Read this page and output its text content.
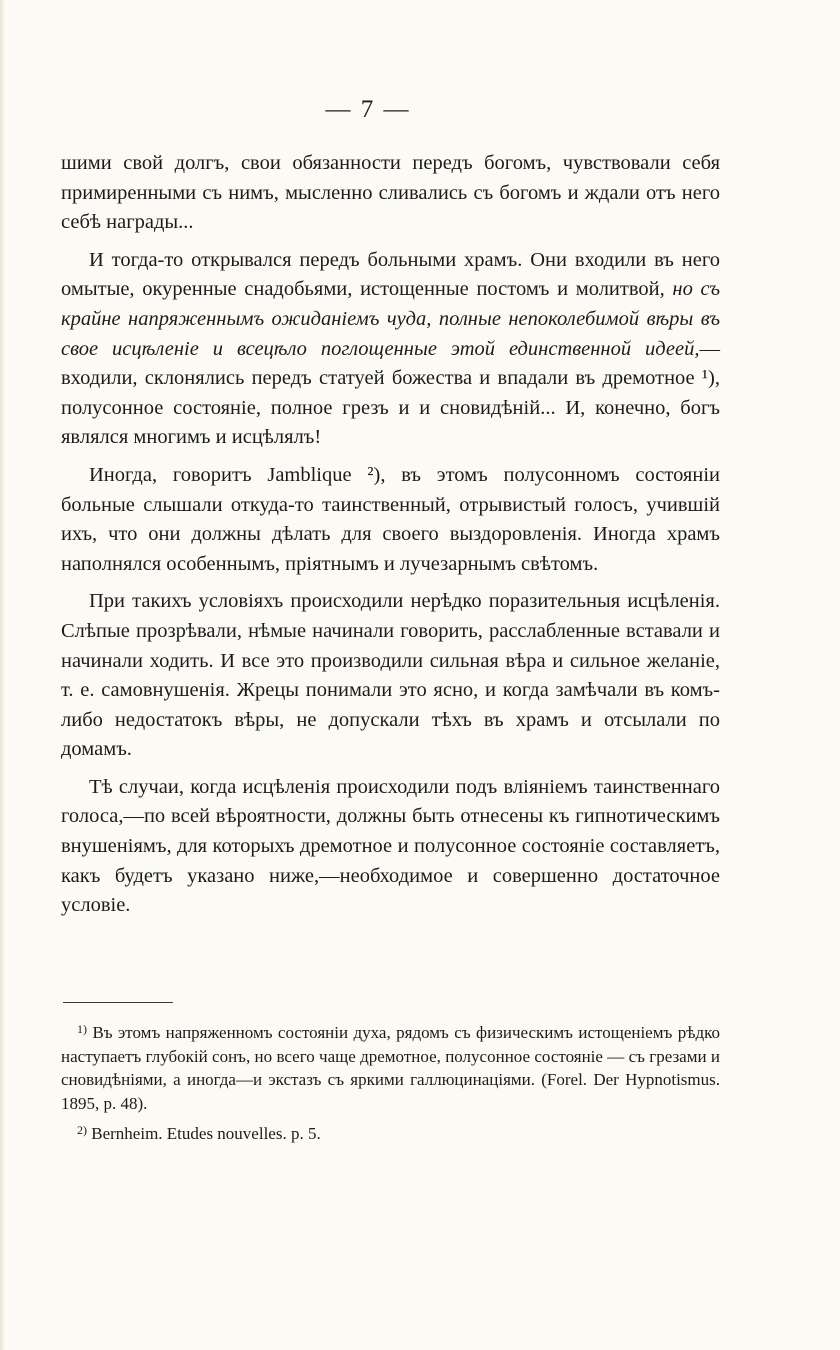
— 7 —

шими свой долгъ, свои обязанности передъ богомъ, чувствовали себя примиренными съ нимъ, мысленно сливались съ богомъ и ждали отъ него себѣ награды...

И тогда-то открывался передъ больными храмъ. Они входили въ него омытые, окуренные снадобьями, истощенные постомъ и молитвой, но съ крайне напряженнымъ ожиданіемъ чуда, полные непоколебимой вѣры въ свое исцѣленіе и всецѣло поглощенные этой единственной идеей,— входили, склонялись передъ статуей божества и впадали въ дремотное ¹), полусонное состояніе, полное грезъ и и сновидѣній... И, конечно, богъ являлся многимъ и исцѣлялъ!

Иногда, говоритъ Jamblique ²), въ этомъ полусонномъ состояніи больные слышали откуда-то таинственный, отрывистый голосъ, учившій ихъ, что они должны дѣлать для своего выздоровленія. Иногда храмъ наполнялся особеннымъ, пріятнымъ и лучезарнымъ свѣтомъ.

При такихъ условіяхъ происходили нерѣдко поразительныя исцѣленія. Слѣпые прозрѣвали, нѣмые начинали говорить, расслабленные вставали и начинали ходить. И все это производили сильная вѣра и сильное желаніе, т. е. самовнушенія. Жрецы понимали это ясно, и когда замѣчали въ комъ-либо недостатокъ вѣры, не допускали тѣхъ въ храмъ и отсылали по домамъ.

Тѣ случаи, когда исцѣленія происходили подъ вліяніемъ таинственнаго голоса,—по всей вѣроятности, должны быть отнесены къ гипнотическимъ внушеніямъ, для которыхъ дремотное и полусонное состояніе составляетъ, какъ будетъ указано ниже,—необходимое и совершенно достаточное условіе.

$^{1)}$ Въ этомъ напряженномъ состояніи духа, рядомъ съ физическимъ истощеніемъ рѣдко наступаетъ глубокій сонъ, но всего чаще дремотное, полусонное состояніе — съ грезами и сновидѣніями, а иногда—и экстазъ съ яркими галлюцинаціями. (Forel. Der Hypnotismus. 1895, p. 48).

$^{2)}$ Bernheim. Etudes nouvelles. p. 5.
